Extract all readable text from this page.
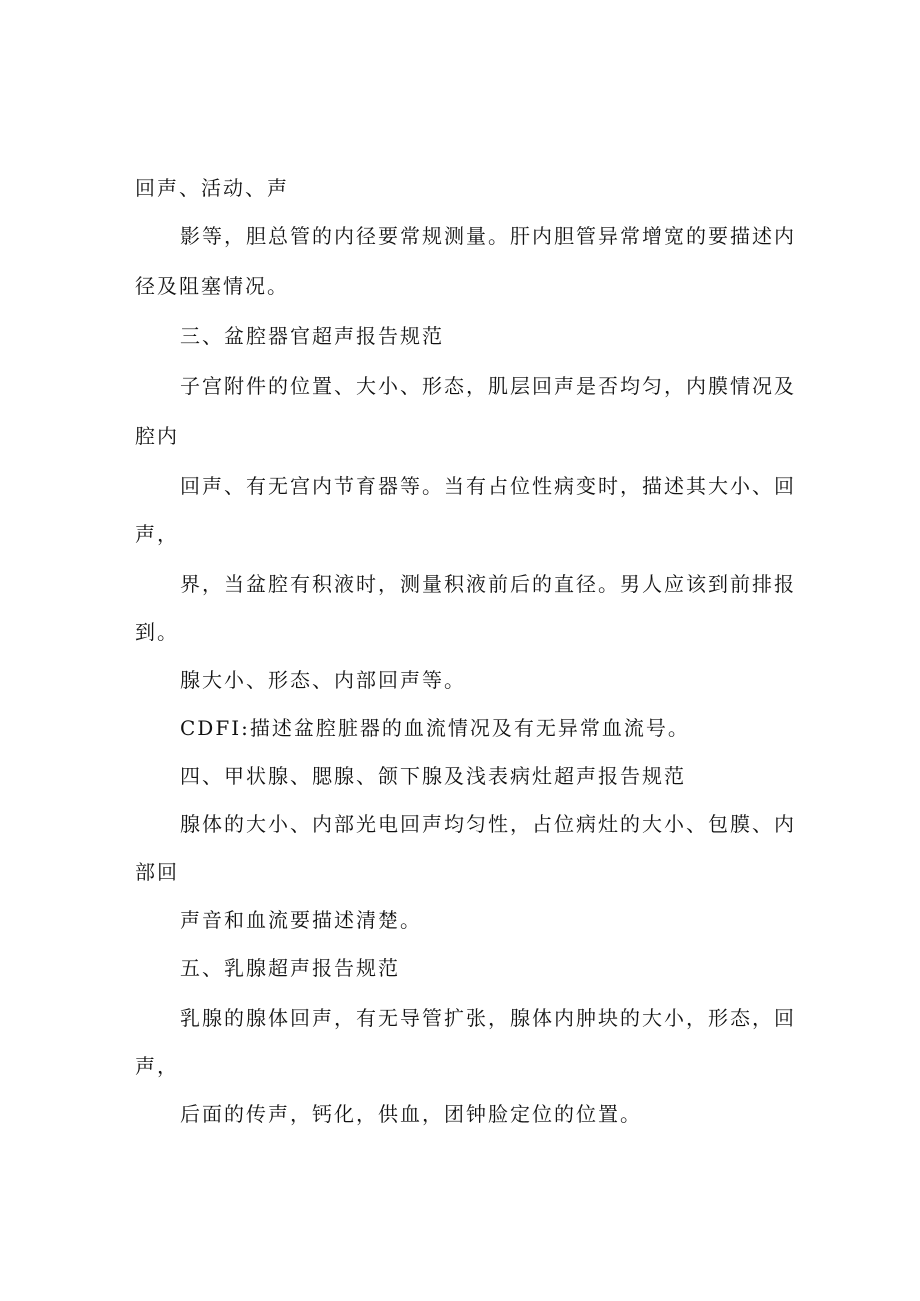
回声、活动、声
影等，胆总管的内径要常规测量。肝内胆管异常增宽的要描述内
径及阻塞情况。
三、盆腔器官超声报告规范
子宫附件的位置、大小、形态，肌层回声是否均匀，内膜情况及
腔内
回声、有无宫内节育器等。当有占位性病变时，描述其大小、回
声，
界，当盆腔有积液时，测量积液前后的直径。男人应该到前排报
到。
腺大小、形态、内部回声等。
CDFI:描述盆腔脏器的血流情况及有无异常血流号。
四、甲状腺、腮腺、颌下腺及浅表病灶超声报告规范
腺体的大小、内部光电回声均匀性，占位病灶的大小、包膜、内
部回
声音和血流要描述清楚。
五、乳腺超声报告规范
乳腺的腺体回声，有无导管扩张，腺体内肿块的大小，形态，回
声，
后面的传声，钙化，供血，团钟脸定位的位置。
